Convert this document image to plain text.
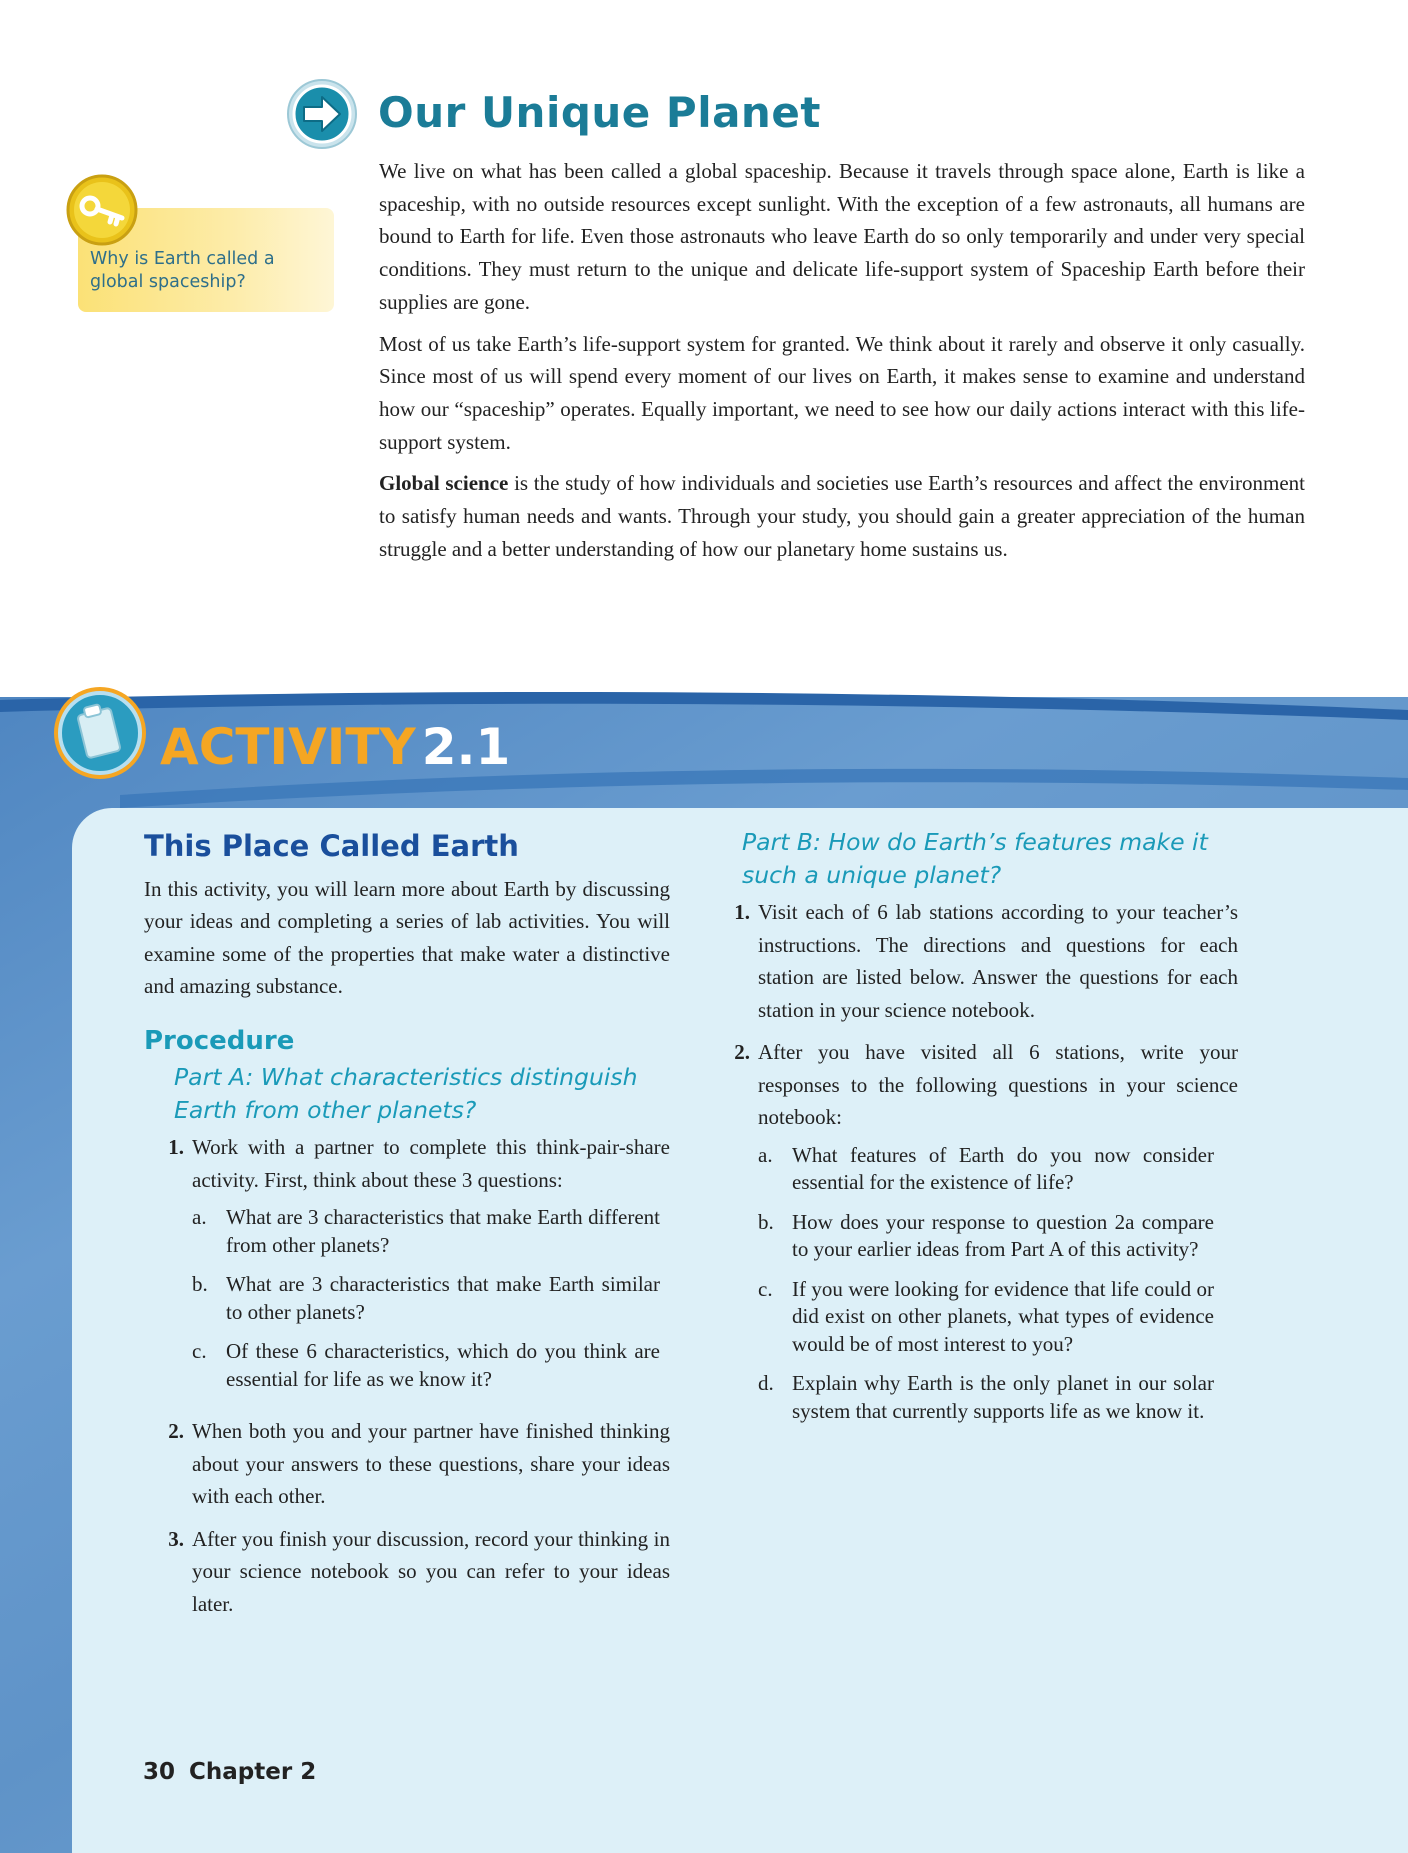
Our Unique Planet
Why is Earth called a global spaceship?

We live on what has been called a global spaceship. Because it travels through space alone, Earth is like a spaceship, with no outside resources except sunlight. With the exception of a few astronauts, all humans are bound to Earth for life. Even those astronauts who leave Earth do so only temporarily and under very special conditions. They must return to the unique and delicate life-support system of Spaceship Earth before their supplies are gone.

Most of us take Earth’s life-support system for granted. We think about it rarely and observe it only casually. Since most of us will spend every moment of our lives on Earth, it makes sense to examine and understand how our “spaceship” operates. Equally important, we need to see how our daily actions interact with this life-support system.

Global science is the study of how individuals and societies use Earth’s resources and affect the environment to satisfy human needs and wants. Through your study, you should gain a greater appreciation of the human struggle and a better understanding of how our planetary home sustains us.

ACTIVITY 2.1
This Place Called Earth

In this activity, you will learn more about Earth by discussing your ideas and completing a series of lab activities. You will examine some of the properties that make water a distinctive and amazing substance.

Procedure
Part A: What characteristics distinguish Earth from other planets?
1. Work with a partner to complete this think-pair-share activity. First, think about these 3 questions:
a. What are 3 characteristics that make Earth different from other planets?
b. What are 3 characteristics that make Earth similar to other planets?
c. Of these 6 characteristics, which do you think are essential for life as we know it?
2. When both you and your partner have finished thinking about your answers to these questions, share your ideas with each other.
3. After you finish your discussion, record your thinking in your science notebook so you can refer to your ideas later.
Part B: How do Earth’s features make it such a unique planet?
1. Visit each of 6 lab stations according to your teacher’s instructions. The directions and questions for each station are listed below. Answer the questions for each station in your science notebook.
2. After you have visited all 6 stations, write your responses to the following questions in your science notebook:
a. What features of Earth do you now consider essential for the existence of life?
b. How does your response to question 2a compare to your earlier ideas from Part A of this activity?
c. If you were looking for evidence that life could or did exist on other planets, what types of evidence would be of most interest to you?
d. Explain why Earth is the only planet in our solar system that currently supports life as we know it.
30 Chapter 2
